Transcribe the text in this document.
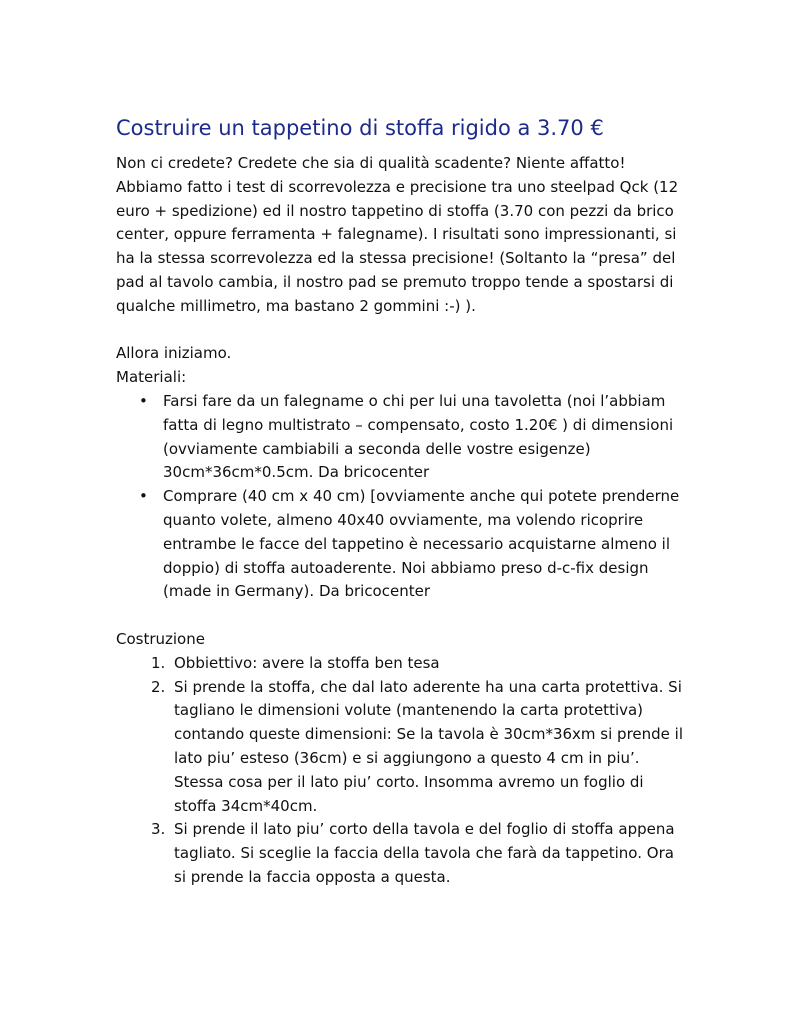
Costruire un tappetino di stoffa rigido a 3.70 €

Non ci credete? Credete che sia di qualità scadente? Niente affatto! Abbiamo fatto i test di scorrevolezza e precisione tra uno steelpad Qck (12 euro + spedizione) ed il nostro tappetino di stoffa (3.70 con pezzi da brico center, oppure ferramenta + falegname). I risultati sono impressionanti, si ha la stessa scorrevolezza ed la stessa precisione! (Soltanto la “presa” del pad al tavolo cambia, il nostro pad se premuto troppo tende a spostarsi di qualche millimetro, ma bastano 2 gommini :-) ).

Allora iniziamo.

Materiali:

• Farsi fare da un falegname o chi per lui una tavoletta (noi l’abbiam fatta di legno multistrato – compensato, costo 1.20€ ) di dimensioni (ovviamente cambiabili a seconda delle vostre esigenze) 30cm*36cm*0.5cm. Da bricocenter
• Comprare (40 cm x 40 cm) [ovviamente anche qui potete prenderne quanto volete, almeno 40x40 ovviamente, ma volendo ricoprire entrambe le facce del tappetino è necessario acquistarne almeno il doppio) di stoffa autoaderente. Noi abbiamo preso d-c-fix design (made in Germany). Da bricocenter

Costruzione

1. Obbiettivo: avere la stoffa ben tesa
2. Si prende la stoffa, che dal lato aderente ha una carta protettiva. Si tagliano le dimensioni volute (mantenendo la carta protettiva) contando queste dimensioni: Se la tavola è 30cm*36xm si prende il lato piu’ esteso (36cm) e si aggiungono a questo 4 cm in piu’. Stessa cosa per il lato piu’ corto. Insomma avremo un foglio di stoffa 34cm*40cm.
3. Si prende il lato piu’ corto della tavola e del foglio di stoffa appena tagliato. Si sceglie la faccia della tavola che farà da tappetino. Ora si prende la faccia opposta a questa.
